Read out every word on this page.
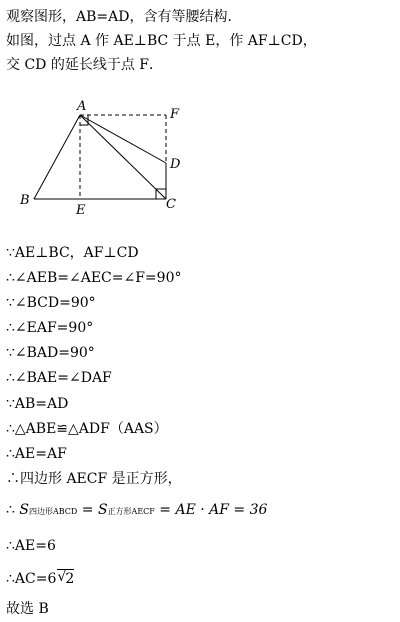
观察图形，AB=AD，含有等腰结构．
如图，过点 A 作 AE⊥BC 于点 E，作 AF⊥CD，
交 CD 的延长线于点 F．
A
F
D
B
E	C
∵AE⊥BC，AF⊥CD
∴∠AEB=∠AEC=∠F=90°
∵∠BCD=90°
∴∠EAF=90°
∵∠BAD=90°
∴∠BAE=∠DAF
∵AB=AD
∴△ABE≌△ADF（AAS）
∴AE=AF
∴四边形 AECF 是正方形，
∴ S四边形ABCD = S正方形AECF = AE · AF = 36
∴AE=6
∴AC=6 √ 2
故选 B
